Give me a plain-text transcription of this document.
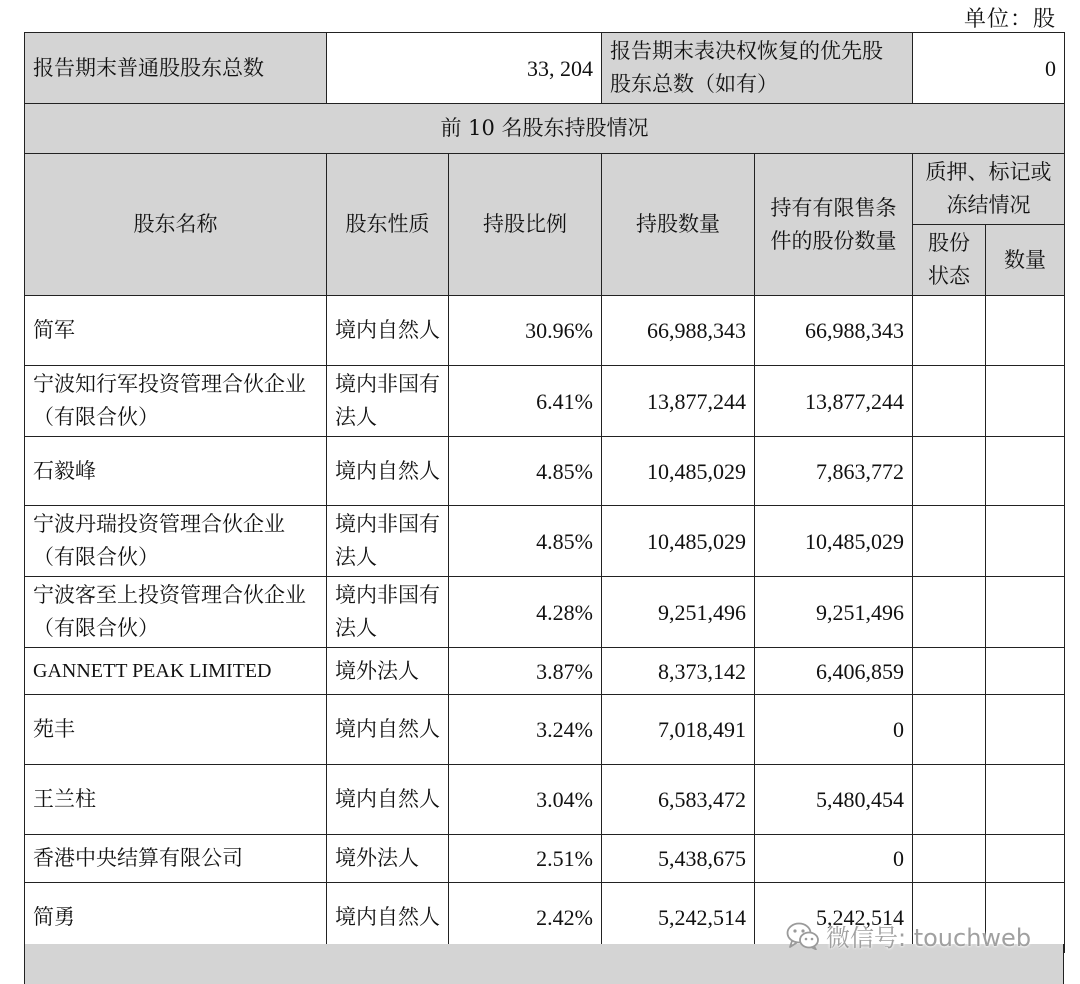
单位：股
报告期末普通股股东总数	33, 204		报告期末表决权恢复的优先股股东总数（如有）		0	
前 10 名股东持股情况						
股东名称	股东性质	持股比例	持股数量	持有有限售条件的股份数量	质押、标记或冻结情况	
					股份状态	数量
简军	境内自然人	30.96%	66,988,343	66,988,343		
宁波知行军投资管理合伙企业（有限合伙）	境内非国有法人	6.41%	13,877,244	13,877,244		
石毅峰	境内自然人	4.85%	10,485,029	7,863,772		
宁波丹瑞投资管理合伙企业（有限合伙）	境内非国有法人	4.85%	10,485,029	10,485,029		
宁波客至上投资管理合伙企业（有限合伙）	境内非国有法人	4.28%	9,251,496	9,251,496		
GANNETT PEAK LIMITED	境外法人	3.87%	8,373,142	6,406,859		
苑丰	境内自然人	3.24%	7,018,491	0		
王兰柱	境内自然人	3.04%	6,583,472	5,480,454		
香港中央结算有限公司	境外法人	2.51%	5,438,675	0		
简勇	境内自然人	2.42%	5,242,514	5,242,514		
微信号: touchweb
